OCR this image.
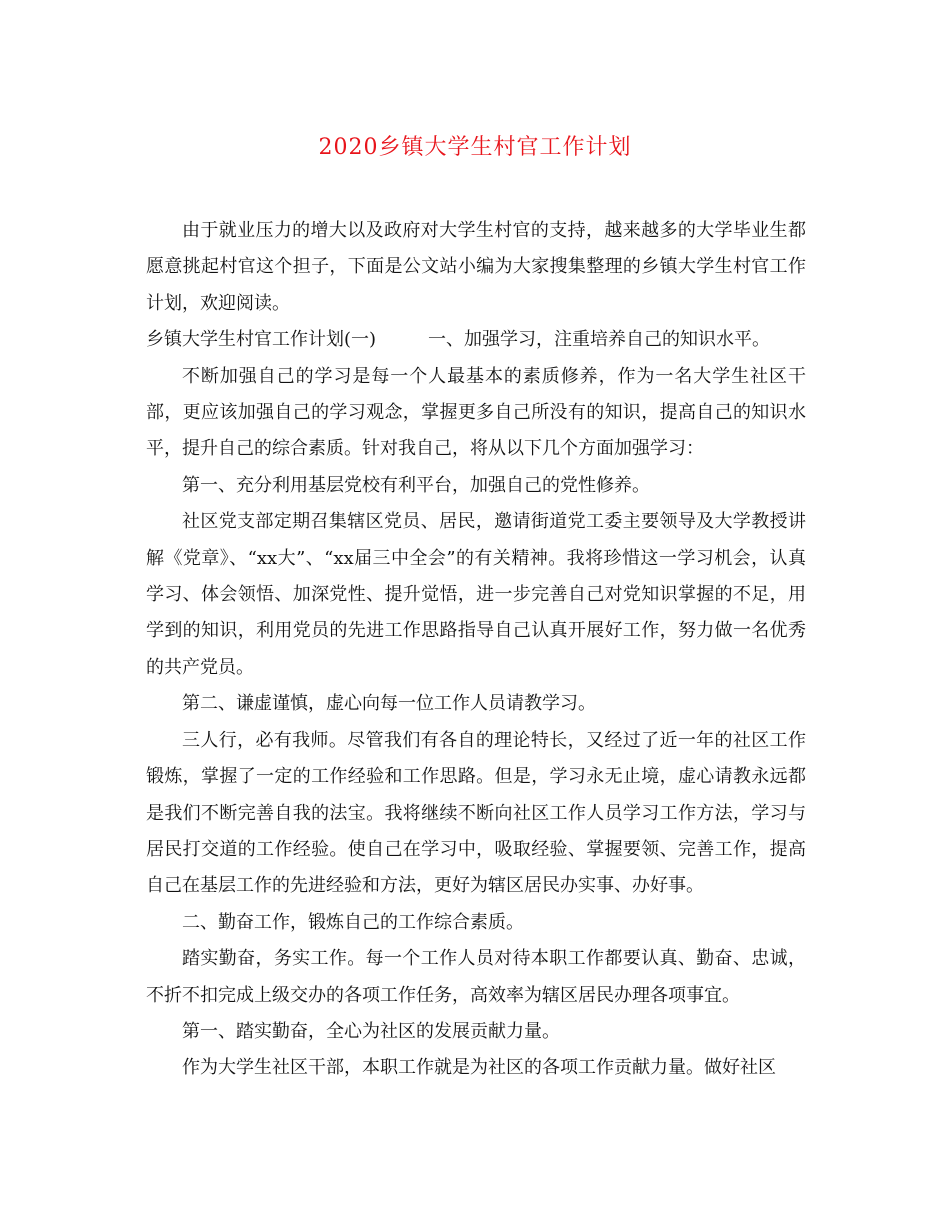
2020乡镇大学生村官工作计划

由于就业压力的增大以及政府对大学生村官的支持，越来越多的大学毕业生都愿意挑起村官这个担子，下面是公文站小编为大家搜集整理的乡镇大学生村官工作计划，欢迎阅读。

乡镇大学生村官工作计划(一)	一、加强学习，注重培养自己的知识水平。

不断加强自己的学习是每一个人最基本的素质修养，作为一名大学生社区干部，更应该加强自己的学习观念，掌握更多自己所没有的知识，提高自己的知识水平，提升自己的综合素质。针对我自己，将从以下几个方面加强学习：

第一、充分利用基层党校有利平台，加强自己的党性修养。

社区党支部定期召集辖区党员、居民，邀请街道党工委主要领导及大学教授讲解《党章》、“xx大”、“xx届三中全会”的有关精神。我将珍惜这一学习机会，认真学习、体会领悟、加深党性、提升觉悟，进一步完善自己对党知识掌握的不足，用学到的知识，利用党员的先进工作思路指导自己认真开展好工作，努力做一名优秀的共产党员。

第二、谦虚谨慎，虚心向每一位工作人员请教学习。

三人行，必有我师。尽管我们有各自的理论特长，又经过了近一年的社区工作锻炼，掌握了一定的工作经验和工作思路。但是，学习永无止境，虚心请教永远都是我们不断完善自我的法宝。我将继续不断向社区工作人员学习工作方法，学习与居民打交道的工作经验。使自己在学习中，吸取经验、掌握要领、完善工作，提高自己在基层工作的先进经验和方法，更好为辖区居民办实事、办好事。

二、勤奋工作，锻炼自己的工作综合素质。

踏实勤奋，务实工作。每一个工作人员对待本职工作都要认真、勤奋、忠诚，不折不扣完成上级交办的各项工作任务，高效率为辖区居民办理各项事宜。

第一、踏实勤奋，全心为社区的发展贡献力量。

作为大学生社区干部，本职工作就是为社区的各项工作贡献力量。做好社区
